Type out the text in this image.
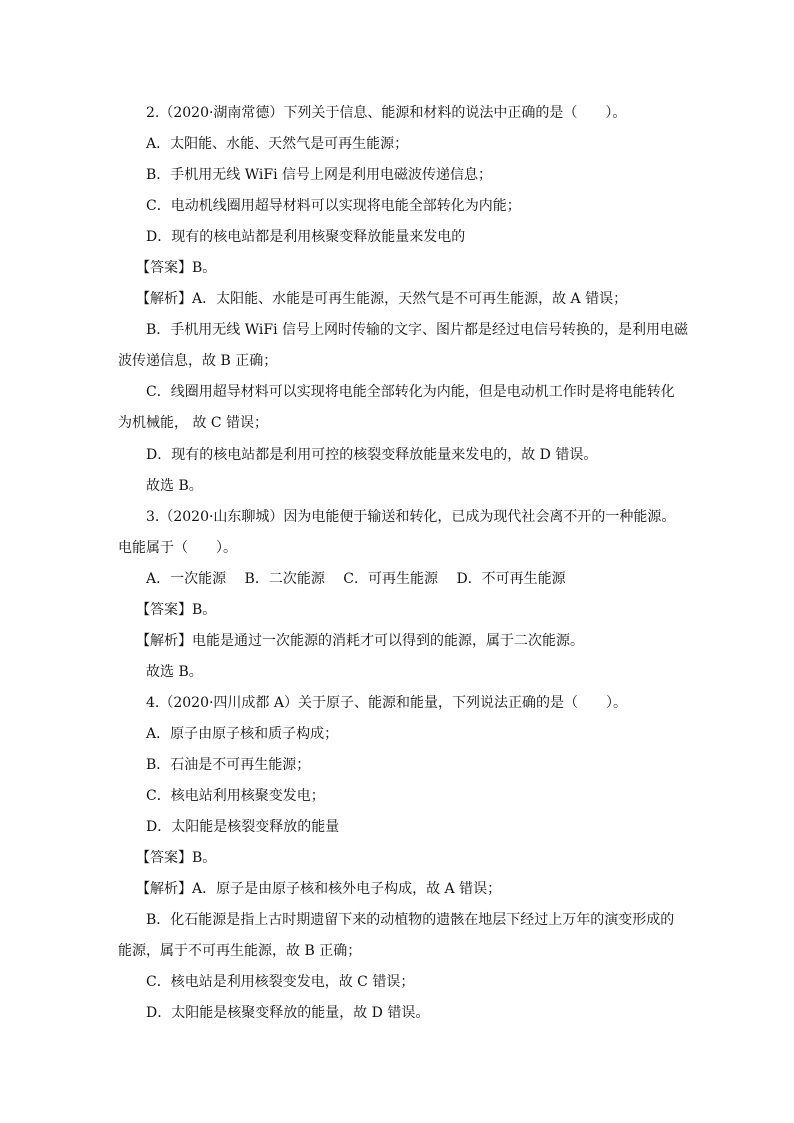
2.（2020·湖南常德）下列关于信息、能源和材料的说法中正确的是（　　）。
A．太阳能、水能、天然气是可再生能源；
B．手机用无线 WiFi 信号上网是利用电磁波传递信息；
C．电动机线圈用超导材料可以实现将电能全部转化为内能；
D．现有的核电站都是利用核聚变释放能量来发电的
【答案】B。
【解析】A．太阳能、水能是可再生能源，天然气是不可再生能源，故 A 错误；
B．手机用无线 WiFi 信号上网时传输的文字、图片都是经过电信号转换的，是利用电磁
波传递信息，故 B 正确；
C．线圈用超导材料可以实现将电能全部转化为内能，但是电动机工作时是将电能转化
为机械能， 故 C 错误；
D．现有的核电站都是利用可控的核裂变释放能量来发电的，故 D 错误。
故选 B。
3.（2020·山东聊城）因为电能便于输送和转化，已成为现代社会离不开的一种能源。
电能属于（　　）。
A．一次能源　 B．二次能源　 C．可再生能源　 D．不可再生能源
【答案】B。
【解析】电能是通过一次能源的消耗才可以得到的能源，属于二次能源。
故选 B。
4.（2020·四川成都 A）关于原子、能源和能量，下列说法正确的是（　　）。
A．原子由原子核和质子构成；
B．石油是不可再生能源；
C．核电站利用核聚变发电；
D．太阳能是核裂变释放的能量
【答案】B。
【解析】A．原子是由原子核和核外电子构成，故 A 错误；
B．化石能源是指上古时期遗留下来的动植物的遗骸在地层下经过上万年的演变形成的
能源，属于不可再生能源，故 B 正确；
C．核电站是利用核裂变发电，故 C 错误；
D．太阳能是核聚变释放的能量，故 D 错误。
